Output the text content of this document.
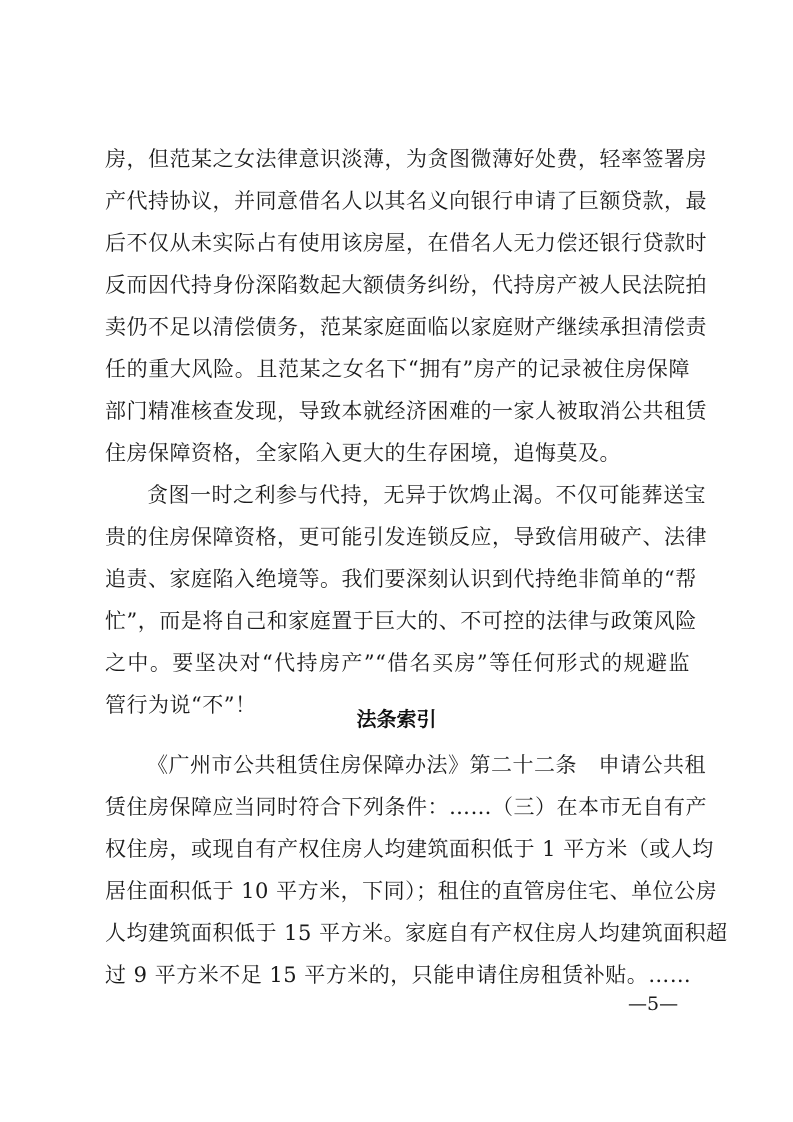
房，但范某之女法律意识淡薄，为贪图微薄好处费，轻率签署房
产代持协议，并同意借名人以其名义向银行申请了巨额贷款，最
后不仅从未实际占有使用该房屋，在借名人无力偿还银行贷款时
反而因代持身份深陷数起大额债务纠纷，代持房产被人民法院拍
卖仍不足以清偿债务，范某家庭面临以家庭财产继续承担清偿责
任的重大风险。且范某之女名下“拥有”房产的记录被住房保障
部门精准核查发现，导致本就经济困难的一家人被取消公共租赁
住房保障资格，全家陷入更大的生存困境，追悔莫及。
贪图一时之利参与代持，无异于饮鸩止渴。不仅可能葬送宝
贵的住房保障资格，更可能引发连锁反应，导致信用破产、法律
追责、家庭陷入绝境等。我们要深刻认识到代持绝非简单的“帮
忙”，而是将自己和家庭置于巨大的、不可控的法律与政策风险
之中。要坚决对“代持房产”“借名买房”等任何形式的规避监
管行为说“不”！
法条索引
《广州市公共租赁住房保障办法》第二十二条　申请公共租
赁住房保障应当同时符合下列条件：……（三）在本市无自有产
权住房，或现自有产权住房人均建筑面积低于 1 平方米（或人均
居住面积低于 10 平方米，下同）；租住的直管房住宅、单位公房
人均建筑面积低于 15 平方米。家庭自有产权住房人均建筑面积超
过 9 平方米不足 15 平方米的，只能申请住房租赁补贴。……
—5—
